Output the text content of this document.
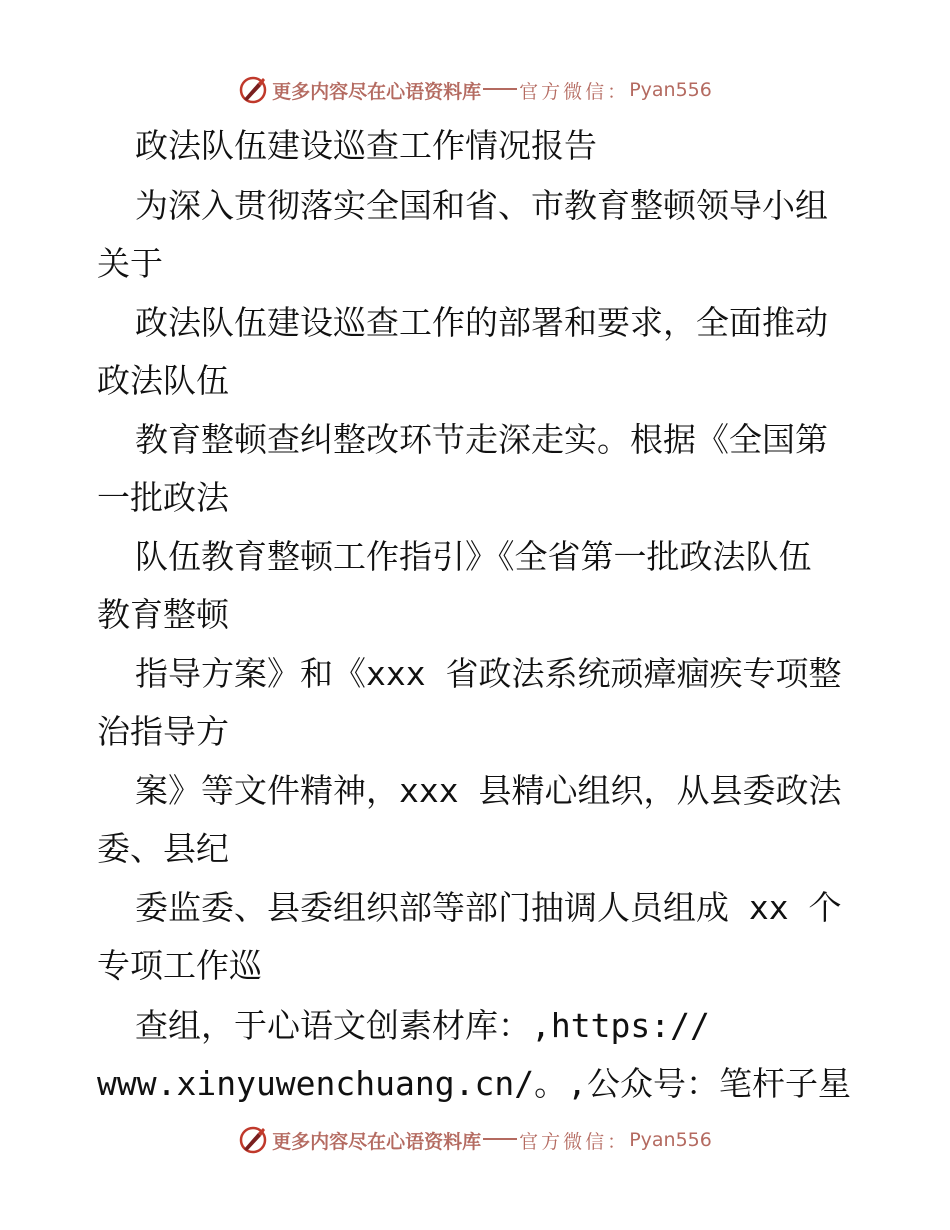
更多内容尽在心语资料库 官方微信： Pyan556
政法队伍建设巡查工作情况报告
为深入贯彻落实全国和省、市教育整顿领导小组
关于
政法队伍建设巡查工作的部署和要求，全面推动
政法队伍
教育整顿查纠整改环节走深走实。根据《全国第
一批政法
队伍教育整顿工作指引》《全省第一批政法队伍
教育整顿
指导方案》和《xxx 省政法系统顽瘴痼疾专项整
治指导方
案》等文件精神，xxx 县精心组织，从县委政法
委、县纪
委监委、县委组织部等部门抽调人员组成 xx 个
专项工作巡
查组，于心语文创素材库：,https://
www.xinyuwenchuang.cn/。,公众号：笔杆子星
更多内容尽在心语资料库 官方微信： Pyan556
